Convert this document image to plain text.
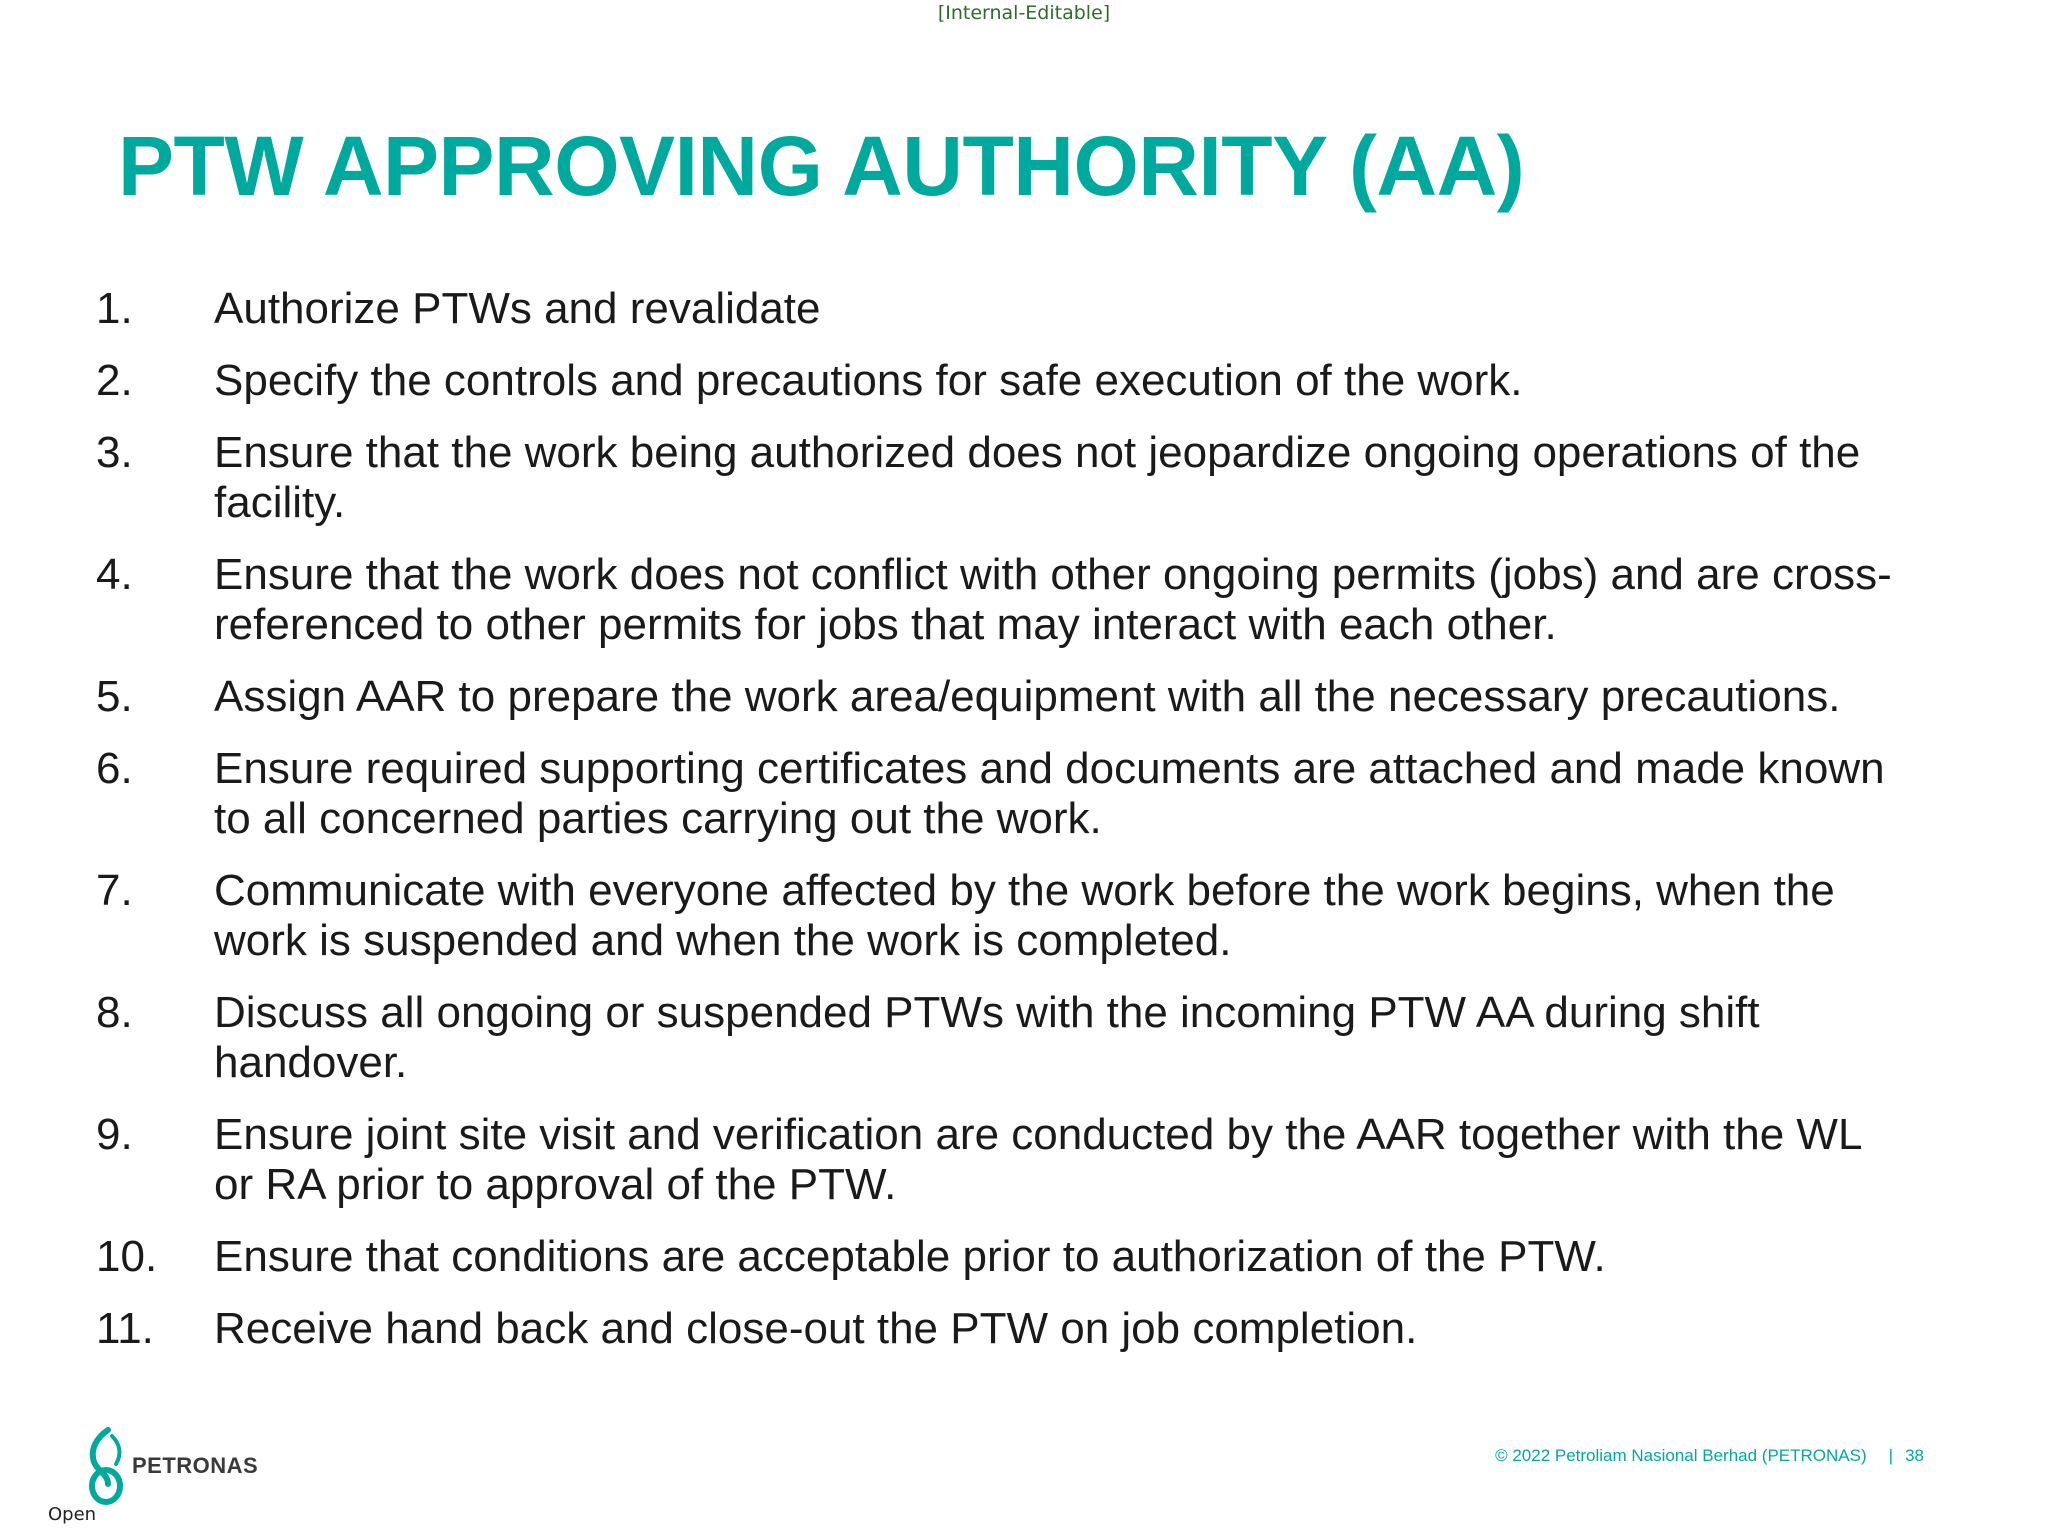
[Internal-Editable]
PTW APPROVING AUTHORITY (AA)
1.	Authorize PTWs and revalidate
2.	Specify the controls and precautions for safe execution of the work.
3.	Ensure that the work being authorized does not jeopardize ongoing operations of the facility.
4.	Ensure that the work does not conflict with other ongoing permits (jobs) and are cross-referenced to other permits for jobs that may interact with each other.
5.	Assign AAR to prepare the work area/equipment with all the necessary precautions.
6.	Ensure required supporting certificates and documents are attached and made known to all concerned parties carrying out the work.
7.	Communicate with everyone affected by the work before the work begins, when the work is suspended and when the work is completed.
8.	Discuss all ongoing or suspended PTWs with the incoming PTW AA during shift handover.
9.	Ensure joint site visit and verification are conducted by the AAR together with the WL or RA prior to approval of the PTW.
10.	Ensure that conditions are acceptable prior to authorization of the PTW.
11.	Receive hand back and close-out the PTW on job completion.
PETRONAS	© 2022 Petroliam Nasional Berhad (PETRONAS) | 38
Open
